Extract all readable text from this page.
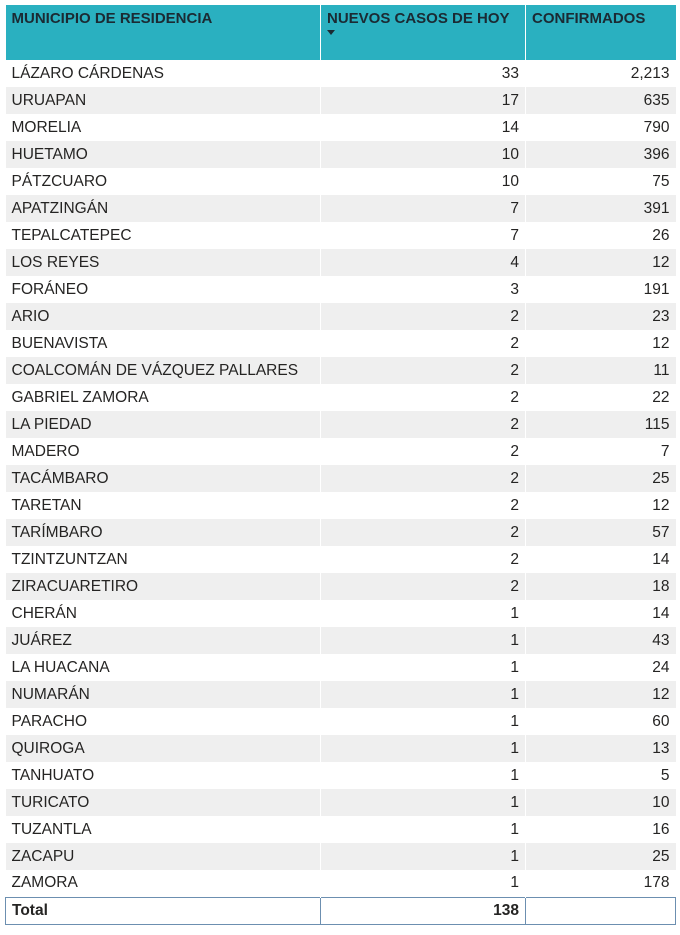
MUNICIPIO DE RESIDENCIA	NUEVOS CASOS DE HOY	CONFIRMADOS
LÁZARO CÁRDENAS	33	2,213
URUAPAN	17	635
MORELIA	14	790
HUETAMO	10	396
PÁTZCUARO	10	75
APATZINGÁN	7	391
TEPALCATEPEC	7	26
LOS REYES	4	12
FORÁNEO	3	191
ARIO	2	23
BUENAVISTA	2	12
COALCOMÁN DE VÁZQUEZ PALLARES	2	11
GABRIEL ZAMORA	2	22
LA PIEDAD	2	115
MADERO	2	7
TACÁMBARO	2	25
TARETAN	2	12
TARÍMBARO	2	57
TZINTZUNTZAN	2	14
ZIRACUARETIRO	2	18
CHERÁN	1	14
JUÁREZ	1	43
LA HUACANA	1	24
NUMARÁN	1	12
PARACHO	1	60
QUIROGA	1	13
TANHUATO	1	5
TURICATO	1	10
TUZANTLA	1	16
ZACAPU	1	25
ZAMORA	1	178
Total	138	
